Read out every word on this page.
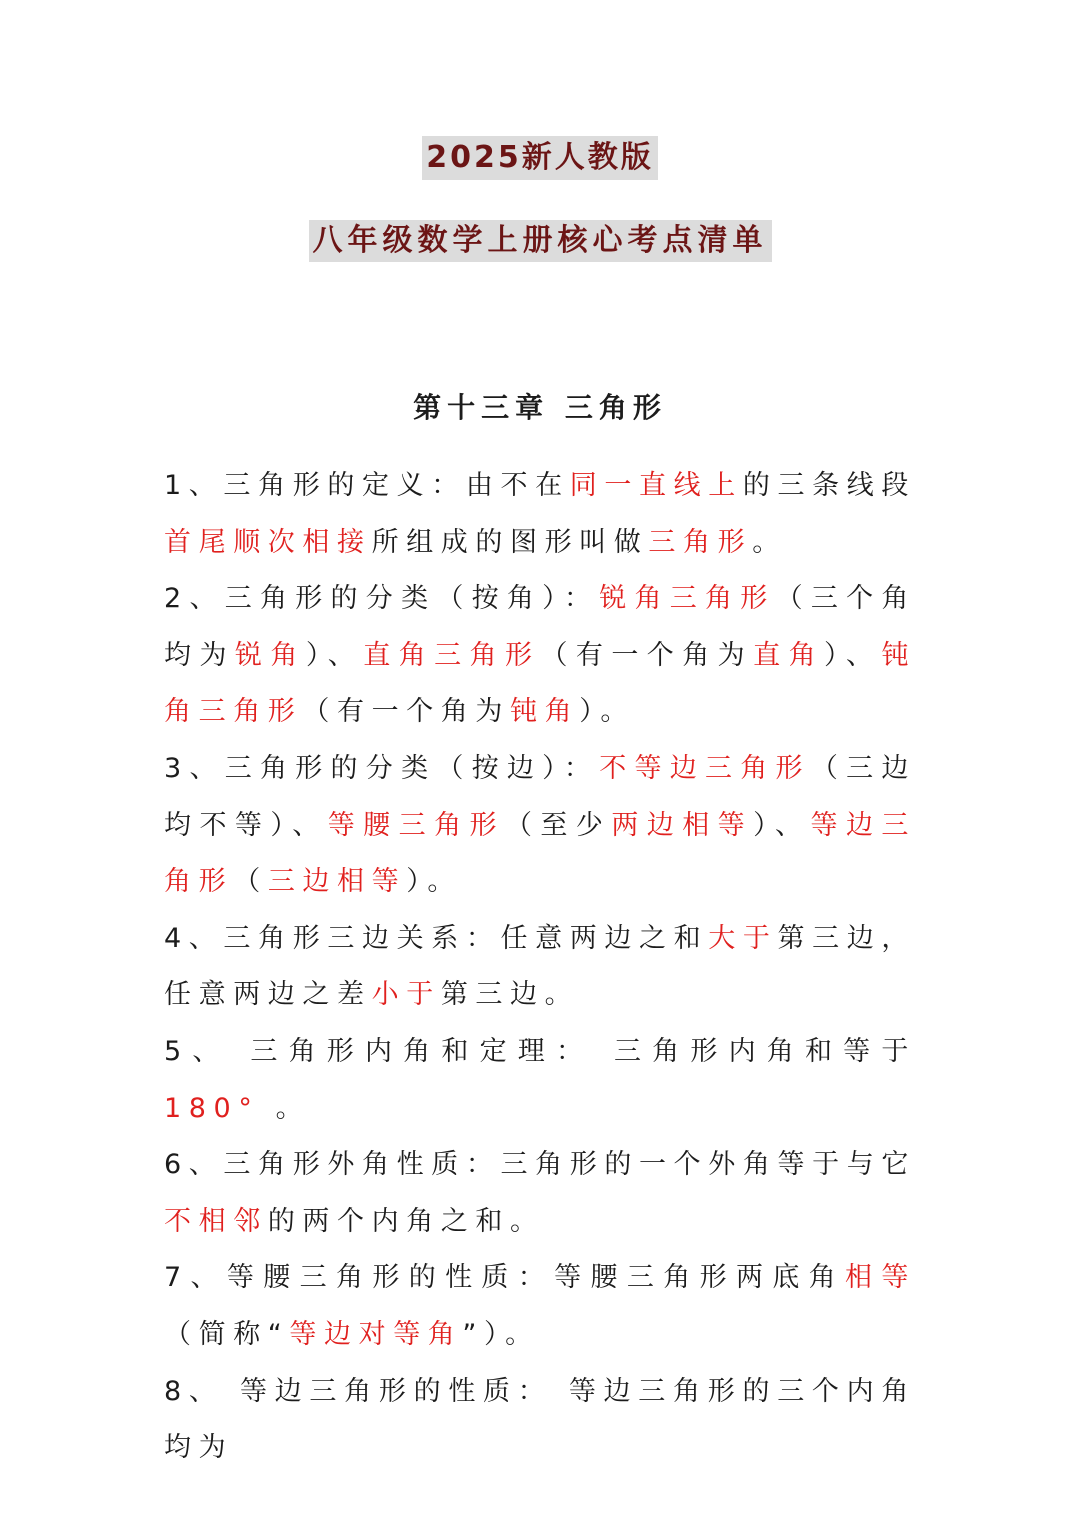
2025新人教版
八年级数学上册核心考点清单
第十三章 三角形

1、三角形的定义：由不在同一直线上的三条线段首尾顺次相接所组成的图形叫做三角形。

2、三角形的分类（按角）：锐角三角形（三个角均为锐角）、直角三角形（有一个角为直角）、钝角三角形（有一个角为钝角）。

3、三角形的分类（按边）：不等边三角形（三边均不等）、等腰三角形（至少两边相等）、等边三角形（三边相等）。

4、三角形三边关系：任意两边之和大于第三边，任意两边之差小于第三边。

5、 三角形内角和定理： 三角形内角和等于 180° 。

6、三角形外角性质：三角形的一个外角等于与它不相邻的两个内角之和。

7、等腰三角形的性质：等腰三角形两底角相等（简称“等边对等角”）。

8、 等边三角形的性质： 等边三角形的三个内角均为
